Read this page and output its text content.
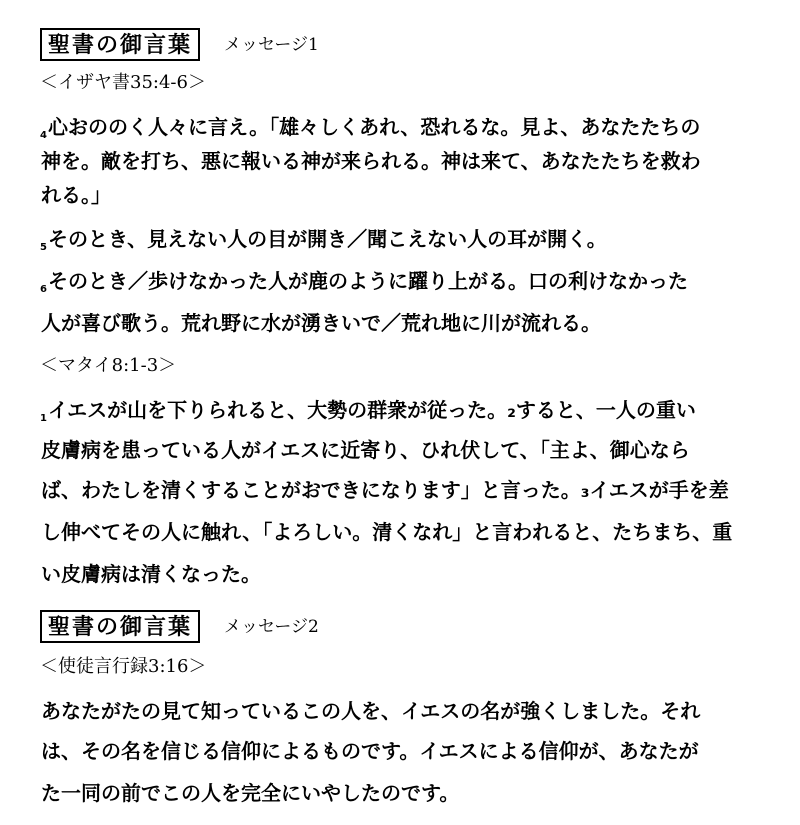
聖書の御言葉	メッセージ1
＜イザヤ書35:4-6＞
$_4$心おののく人々に言え。「雄々しくあれ、恐れるな。見よ、あなたたちの
神を。敵を打ち、悪に報いる神が来られる。神は来て、あなたたちを救わ
れる。」
$_5$そのとき、見えない人の目が開き／聞こえない人の耳が開く。
$_6$そのとき／歩けなかった人が鹿のように躍り上がる。口の利けなかった
人が喜び歌う。荒れ野に水が湧きいで／荒れ地に川が流れる。
＜マタイ8:1-3＞
$_1$イエスが山を下りられると、大勢の群衆が従った。₂すると、一人の重い
皮膚病を患っている人がイエスに近寄り、ひれ伏して、「主よ、御心なら
ば、わたしを清くすることがおできになります」と言った。₃イエスが手を差
し伸べてその人に触れ、「よろしい。清くなれ」と言われると、たちまち、重
い皮膚病は清くなった。
聖書の御言葉	メッセージ2
＜使徒言行録3:16＞
あなたがたの見て知っているこの人を、イエスの名が強くしました。それ
は、その名を信じる信仰によるものです。イエスによる信仰が、あなたが
た一同の前でこの人を完全にいやしたのです。
